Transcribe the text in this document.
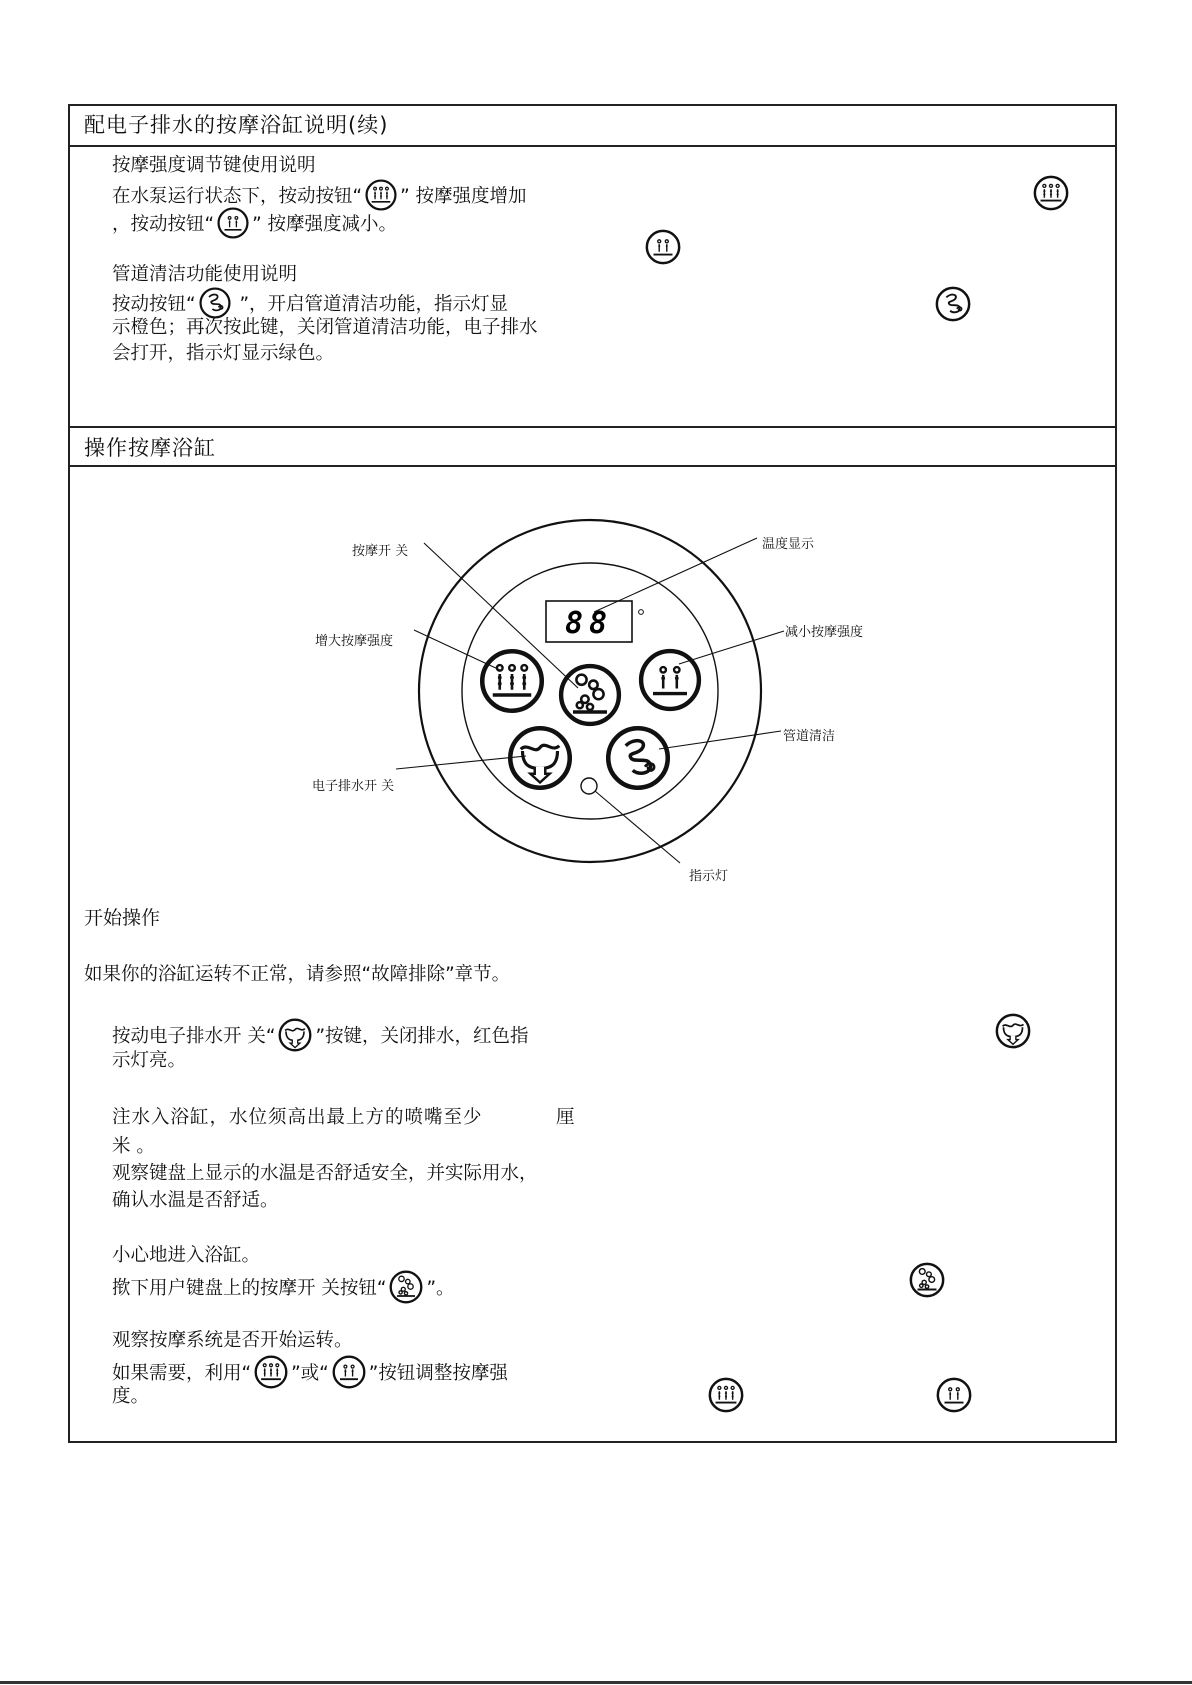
配电子排水的按摩浴缸说明(续)
按摩强度调节键使用说明
在水泵运行状态下，按动按钮“ ” 按摩强度增加
，按动按钮“ ” 按摩强度减小。
管道清洁功能使用说明
按动按钮“ ”，开启管道清洁功能，指示灯显
示橙色；再次按此键，关闭管道清洁功能，电子排水
会打开，指示灯显示绿色。
操作按摩浴缸
88
按摩开 关	温度显示
增大按摩强度
减小按摩强度
管道清洁
电子排水开 关
指示灯
开始操作
如果你的浴缸运转不正常，请参照“故障排除”章节。
按动电子排水开 关“ ”按键，关闭排水，红色指
示灯亮。
注水入浴缸，水位须高出最上方的喷嘴至少	厘
米 。
观察键盘上显示的水温是否舒适安全，并实际用水，
确认水温是否舒适。
小心地进入浴缸。
揿下用户键盘上的按摩开 关按钮“ ”。
观察按摩系统是否开始运转。
如果需要，利用“ ”或“ ”按钮调整按摩强
度。
